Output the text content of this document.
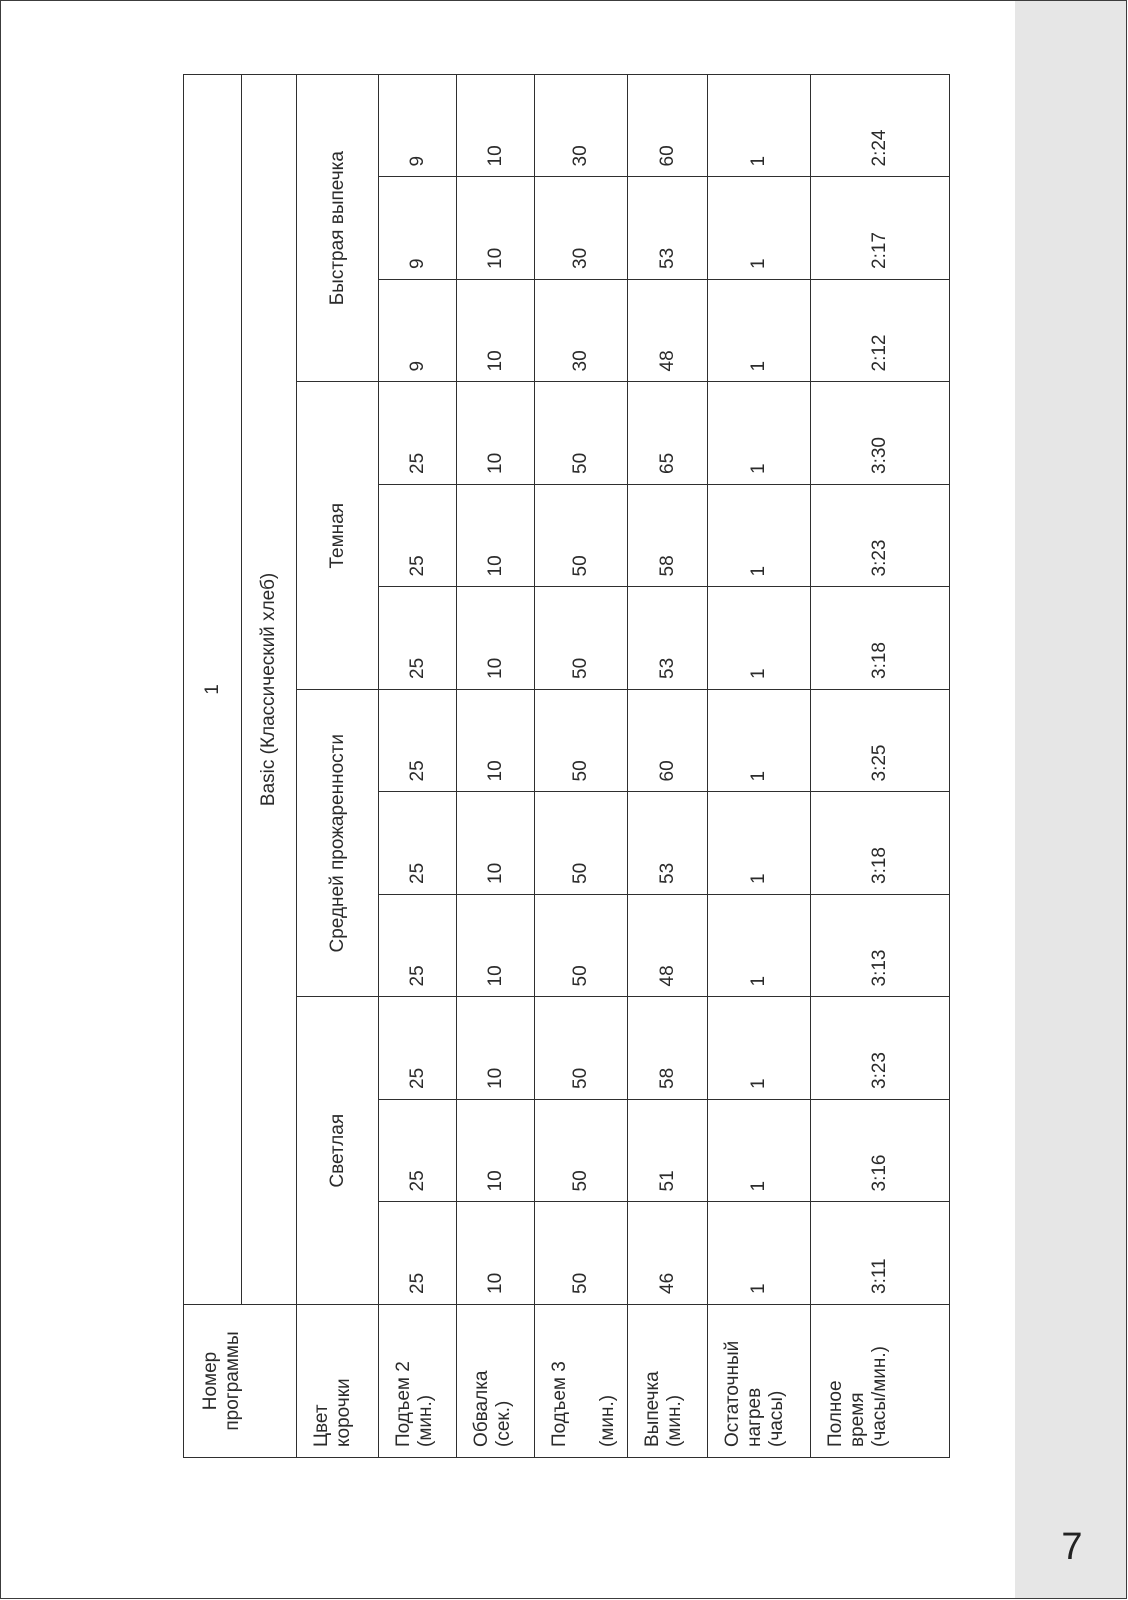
7
Номер программы	1											
	Basic (Классический хлеб)											

Цвет корочки	Светлая			Средней прожаренности			Темная			Быстрая выпечка		

Подъем 2 (мин.)	25	25	25	25	25	25	25	25	25	9	9	9

Обвалка (сек.)	10	10	10	10	10	10	10	10	10	10	10	10

Подъем 3 (мин.)	50	50	50	50	50	50	50	50	50	30	30	30

Выпечка (мин.)	46	51	58	48	53	60	53	58	65	48	53	60

Остаточный нагрев (часы)	1	1	1	1	1	1	1	1	1	1	1	1

Полное время (часы/мин.)	3:11	3:16	3:23	3:13	3:18	3:25	3:18	3:23	3:30	2:12	2:17	2:24
